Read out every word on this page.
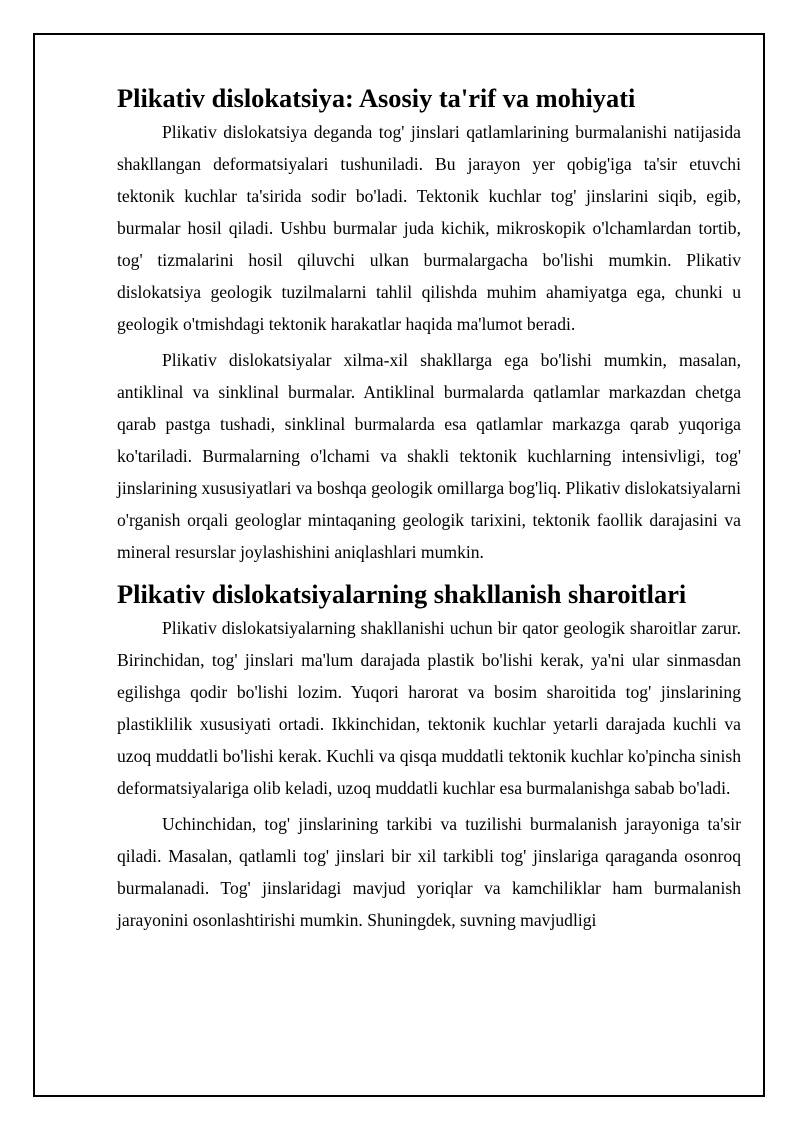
Plikativ dislokatsiya: Asosiy ta'rif va mohiyati

Plikativ dislokatsiya deganda tog' jinslari qatlamlarining burmalanishi natijasida shakllangan deformatsiyalari tushuniladi. Bu jarayon yer qobig'iga ta'sir etuvchi tektonik kuchlar ta'sirida sodir bo'ladi. Tektonik kuchlar tog' jinslarini siqib, egib, burmalar hosil qiladi. Ushbu burmalar juda kichik, mikroskopik o'lchamlardan tortib, tog' tizmalarini hosil qiluvchi ulkan burmalargacha bo'lishi mumkin. Plikativ dislokatsiya geologik tuzilmalarni tahlil qilishda muhim ahamiyatga ega, chunki u geologik o'tmishdagi tektonik harakatlar haqida ma'lumot beradi.

Plikativ dislokatsiyalar xilma-xil shakllarga ega bo'lishi mumkin, masalan, antiklinal va sinklinal burmalar. Antiklinal burmalarda qatlamlar markazdan chetga qarab pastga tushadi, sinklinal burmalarda esa qatlamlar markazga qarab yuqoriga ko'tariladi. Burmalarning o'lchami va shakli tektonik kuchlarning intensivligi, tog' jinslarining xususiyatlari va boshqa geologik omillarga bog'liq. Plikativ dislokatsiyalarni o'rganish orqali geologlar mintaqaning geologik tarixini, tektonik faollik darajasini va mineral resurslar joylashishini aniqlashlari mumkin.

Plikativ dislokatsiyalarning shakllanish sharoitlari

Plikativ dislokatsiyalarning shakllanishi uchun bir qator geologik sharoitlar zarur. Birinchidan, tog' jinslari ma'lum darajada plastik bo'lishi kerak, ya'ni ular sinmasdan egilishga qodir bo'lishi lozim. Yuqori harorat va bosim sharoitida tog' jinslarining plastiklilik xususiyati ortadi. Ikkinchidan, tektonik kuchlar yetarli darajada kuchli va uzoq muddatli bo'lishi kerak. Kuchli va qisqa muddatli tektonik kuchlar ko'pincha sinish deformatsiyalariga olib keladi, uzoq muddatli kuchlar esa burmalanishga sabab bo'ladi.

Uchinchidan, tog' jinslarining tarkibi va tuzilishi burmalanish jarayoniga ta'sir qiladi. Masalan, qatlamli tog' jinslari bir xil tarkibli tog' jinslariga qaraganda osonroq burmalanadi. Tog' jinslaridagi mavjud yoriqlar va kamchiliklar ham burmalanish jarayonini osonlashtirishi mumkin. Shuningdek, suvning mavjudligi
